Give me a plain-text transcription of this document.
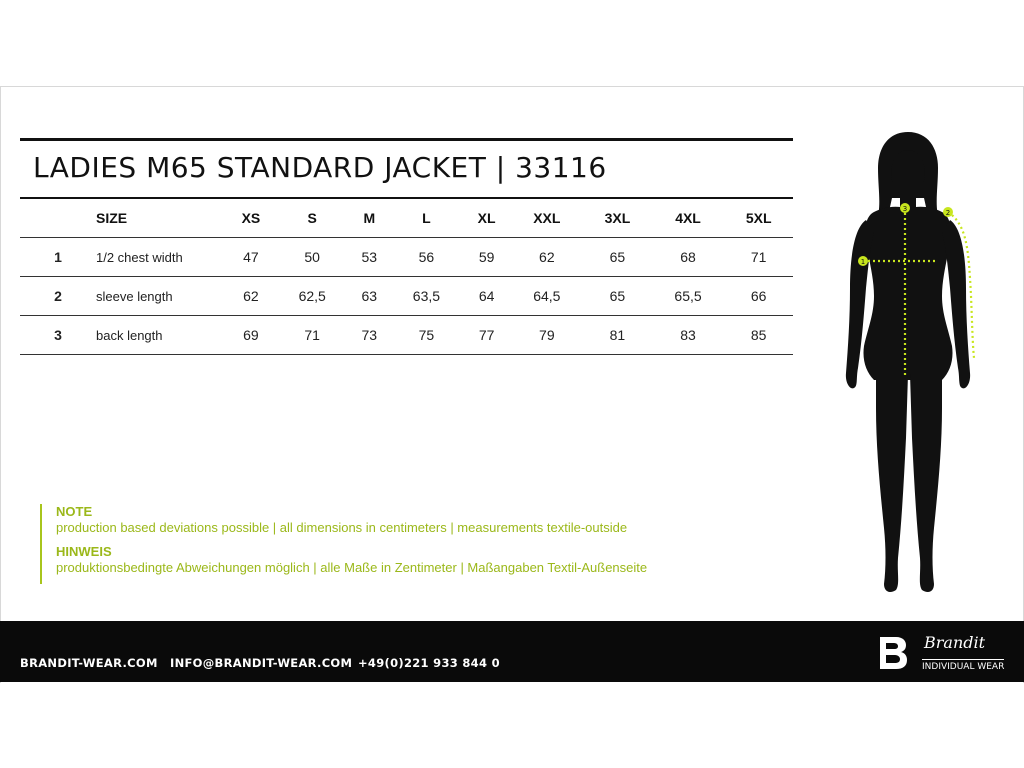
LADIES M65 STANDARD JACKET | 33116
	SIZE	XS	S	M	L	XL	XXL	3XL	4XL	5XL
1	1/2 chest width	47	50	53	56	59	62	65	68	71
2	sleeve length	62	62,5	63	63,5	64	64,5	65	65,5	66
3	back length	69	71	73	75	77	79	81	83	85

NOTE

production based deviations possible | all dimensions in centimeters | measurements textile-outside

HINWEIS

produktionsbedingte Abweichungen möglich | alle Maße in Zentimeter | Maßangaben Textil-Außenseite

1
2
3
BRANDIT-WEAR.COM INFO@BRANDIT-WEAR.COM +49(0)221 933 844 0
Brandit
INDIVIDUAL WEAR
